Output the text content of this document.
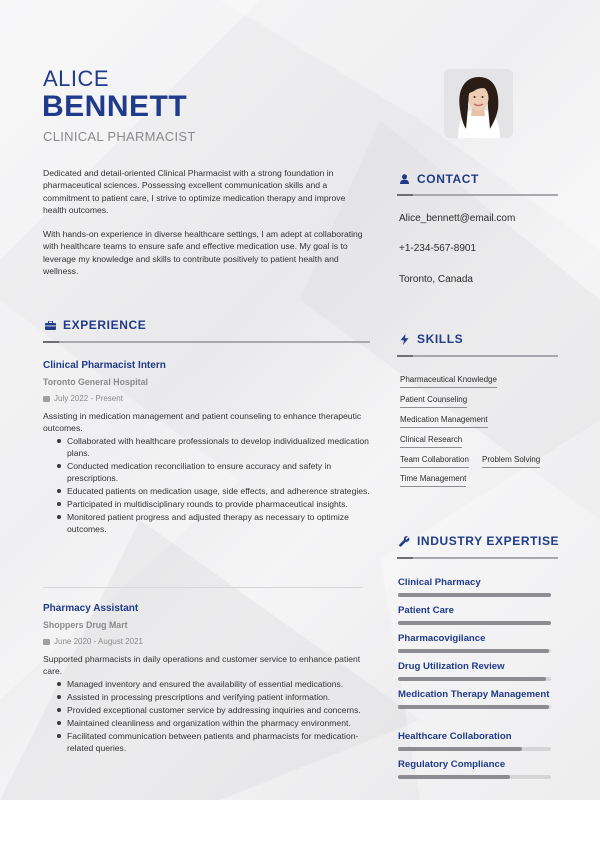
ALICE
BENNETT
CLINICAL PHARMACIST

Dedicated and detail-oriented Clinical Pharmacist with a strong foundation in pharmaceutical sciences. Possessing excellent communication skills and a commitment to patient care, I strive to optimize medication therapy and improve health outcomes.

With hands-on experience in diverse healthcare settings, I am adept at collaborating with healthcare teams to ensure safe and effective medication use. My goal is to leverage my knowledge and skills to contribute positively to patient health and wellness.

EXPERIENCE
Clinical Pharmacist Intern
Toronto General Hospital
July 2022 - Present
Assisting in medication management and patient counseling to enhance therapeutic outcomes.
Collaborated with healthcare professionals to develop individualized medication plans.
Conducted medication reconciliation to ensure accuracy and safety in prescriptions.
Educated patients on medication usage, side effects, and adherence strategies.
Participated in multidisciplinary rounds to provide pharmaceutical insights.
Monitored patient progress and adjusted therapy as necessary to optimize outcomes.
Pharmacy Assistant
Shoppers Drug Mart
June 2020 - August 2021
Supported pharmacists in daily operations and customer service to enhance patient care.
Managed inventory and ensured the availability of essential medications.
Assisted in processing prescriptions and verifying patient information.
Provided exceptional customer service by addressing inquiries and concerns.
Maintained cleanliness and organization within the pharmacy environment.
Facilitated communication between patients and pharmacists for medication-related queries.
CONTACT
Alice_bennett@email.com
+1-234-567-8901
Toronto, Canada
SKILLS
Pharmaceutical Knowledge
Patient Counseling
Medication Management
Clinical Research
Team Collaboration Problem Solving
Time Management
INDUSTRY EXPERTISE
Clinical Pharmacy
Patient Care
Pharmacovigilance
Drug Utilization Review
Medication Therapy Management
Healthcare Collaboration
Regulatory Compliance
